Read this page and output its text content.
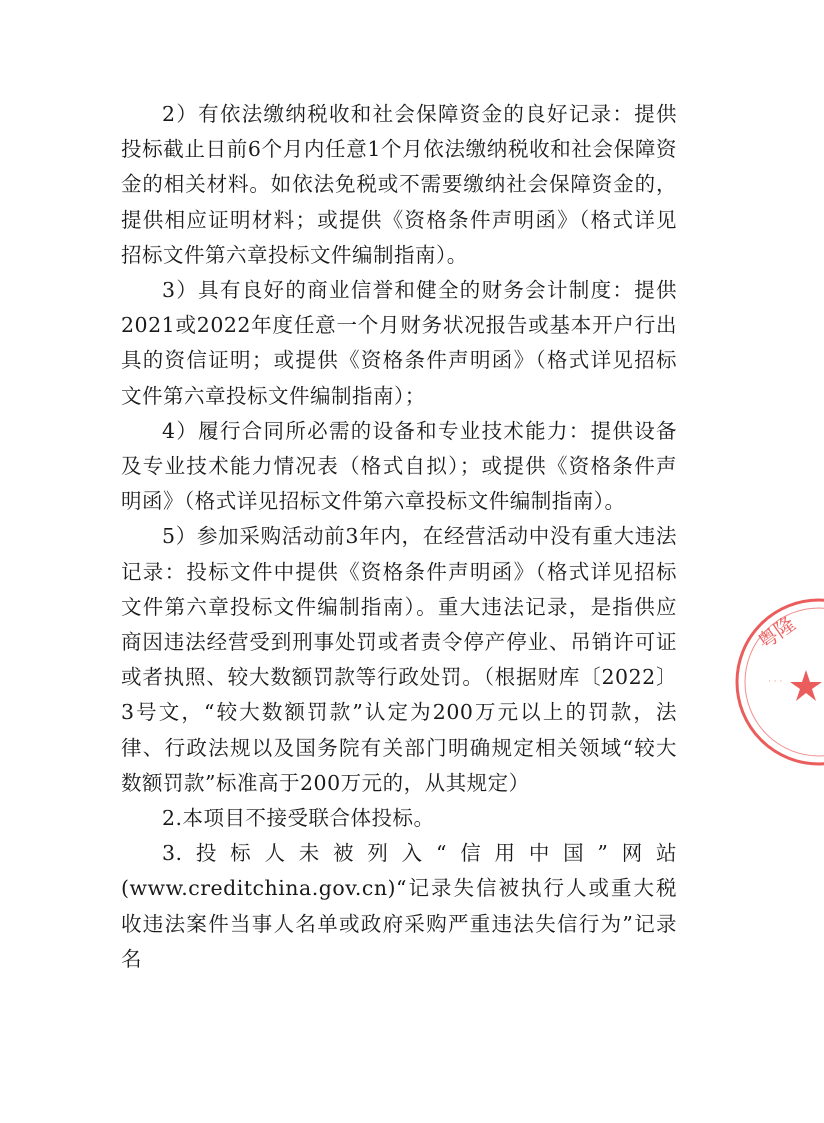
2）有依法缴纳税收和社会保障资金的良好记录：提供投标截止日前6个月内任意1个月依法缴纳税收和社会保障资金的相关材料。如依法免税或不需要缴纳社会保障资金的，提供相应证明材料；或提供《资格条件声明函》（格式详见招标文件第六章投标文件编制指南）。

3）具有良好的商业信誉和健全的财务会计制度：提供2021或2022年度任意一个月财务状况报告或基本开户行出具的资信证明；或提供《资格条件声明函》（格式详见招标文件第六章投标文件编制指南）；

4）履行合同所必需的设备和专业技术能力：提供设备及专业技术能力情况表（格式自拟）；或提供《资格条件声明函》（格式详见招标文件第六章投标文件编制指南）。

5）参加采购活动前3年内，在经营活动中没有重大违法记录：投标文件中提供《资格条件声明函》（格式详见招标文件第六章投标文件编制指南）。重大违法记录，是指供应商因违法经营受到刑事处罚或者责令停产停业、吊销许可证或者执照、较大数额罚款等行政处罚。（根据财库〔2022〕3号文，“较大数额罚款”认定为200万元以上的罚款，法律、行政法规以及国务院有关部门明确规定相关领域“较大数额罚款”标准高于200万元的，从其规定）

2.本项目不接受联合体投标。

3.投标人未被列入“信用中国”网站(www.creditchina.gov.cn)“记录失信被执行人或重大税收违法案件当事人名单或政府采购严重违法失信行为”记录名

粤隆
· · ·
